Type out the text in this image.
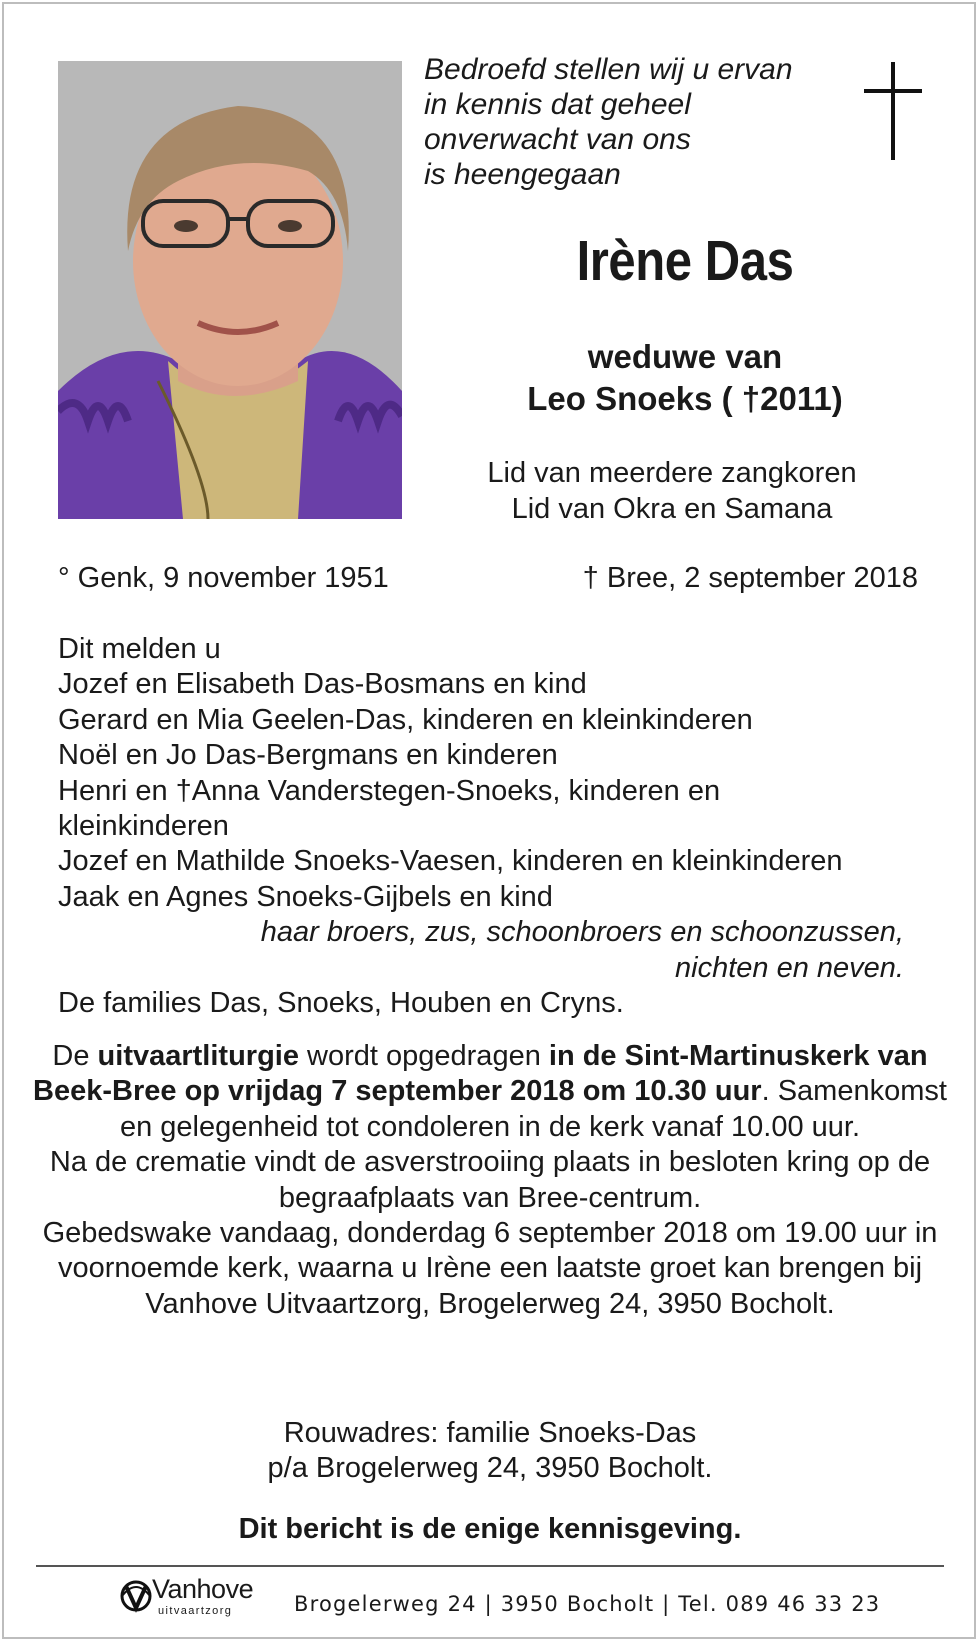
Bedroefd stellen wij u ervan
in kennis dat geheel
onverwacht van ons
is heengegaan
Irène Das
weduwe van
Leo Snoeks ( †2011)
Lid van meerdere zangkoren
Lid van Okra en Samana
° Genk, 9 november 1951	† Bree, 2 september 2018
Dit melden u
Jozef en Elisabeth Das-Bosmans en kind
Gerard en Mia Geelen-Das, kinderen en kleinkinderen
Noël en Jo Das-Bergmans en kinderen
Henri en †Anna Vanderstegen-Snoeks, kinderen en
kleinkinderen
Jozef en Mathilde Snoeks-Vaesen, kinderen en kleinkinderen
Jaak en Agnes Snoeks-Gijbels en kind
haar broers, zus, schoonbroers en schoonzussen,
nichten en neven.
De families Das, Snoeks, Houben en Cryns.
De uitvaartliturgie wordt opgedragen in de Sint-Martinuskerk van Beek-Bree op vrijdag 7 september 2018 om 10.30 uur. Samenkomst en gelegenheid tot condoleren in de kerk vanaf 10.00 uur.
Na de crematie vindt de asverstrooiing plaats in besloten kring op de begraafplaats van Bree-centrum.
Gebedswake vandaag, donderdag 6 september 2018 om 19.00 uur in voornoemde kerk, waarna u Irène een laatste groet kan brengen bij Vanhove Uitvaartzorg, Brogelerweg 24, 3950 Bocholt.
Rouwadres: familie Snoeks-Das
p/a Brogelerweg 24, 3950 Bocholt.
Dit bericht is de enige kennisgeving.
Vanhove
uitvaartzorg	Brogelerweg 24 | 3950 Bocholt | Tel. 089 46 33 23
